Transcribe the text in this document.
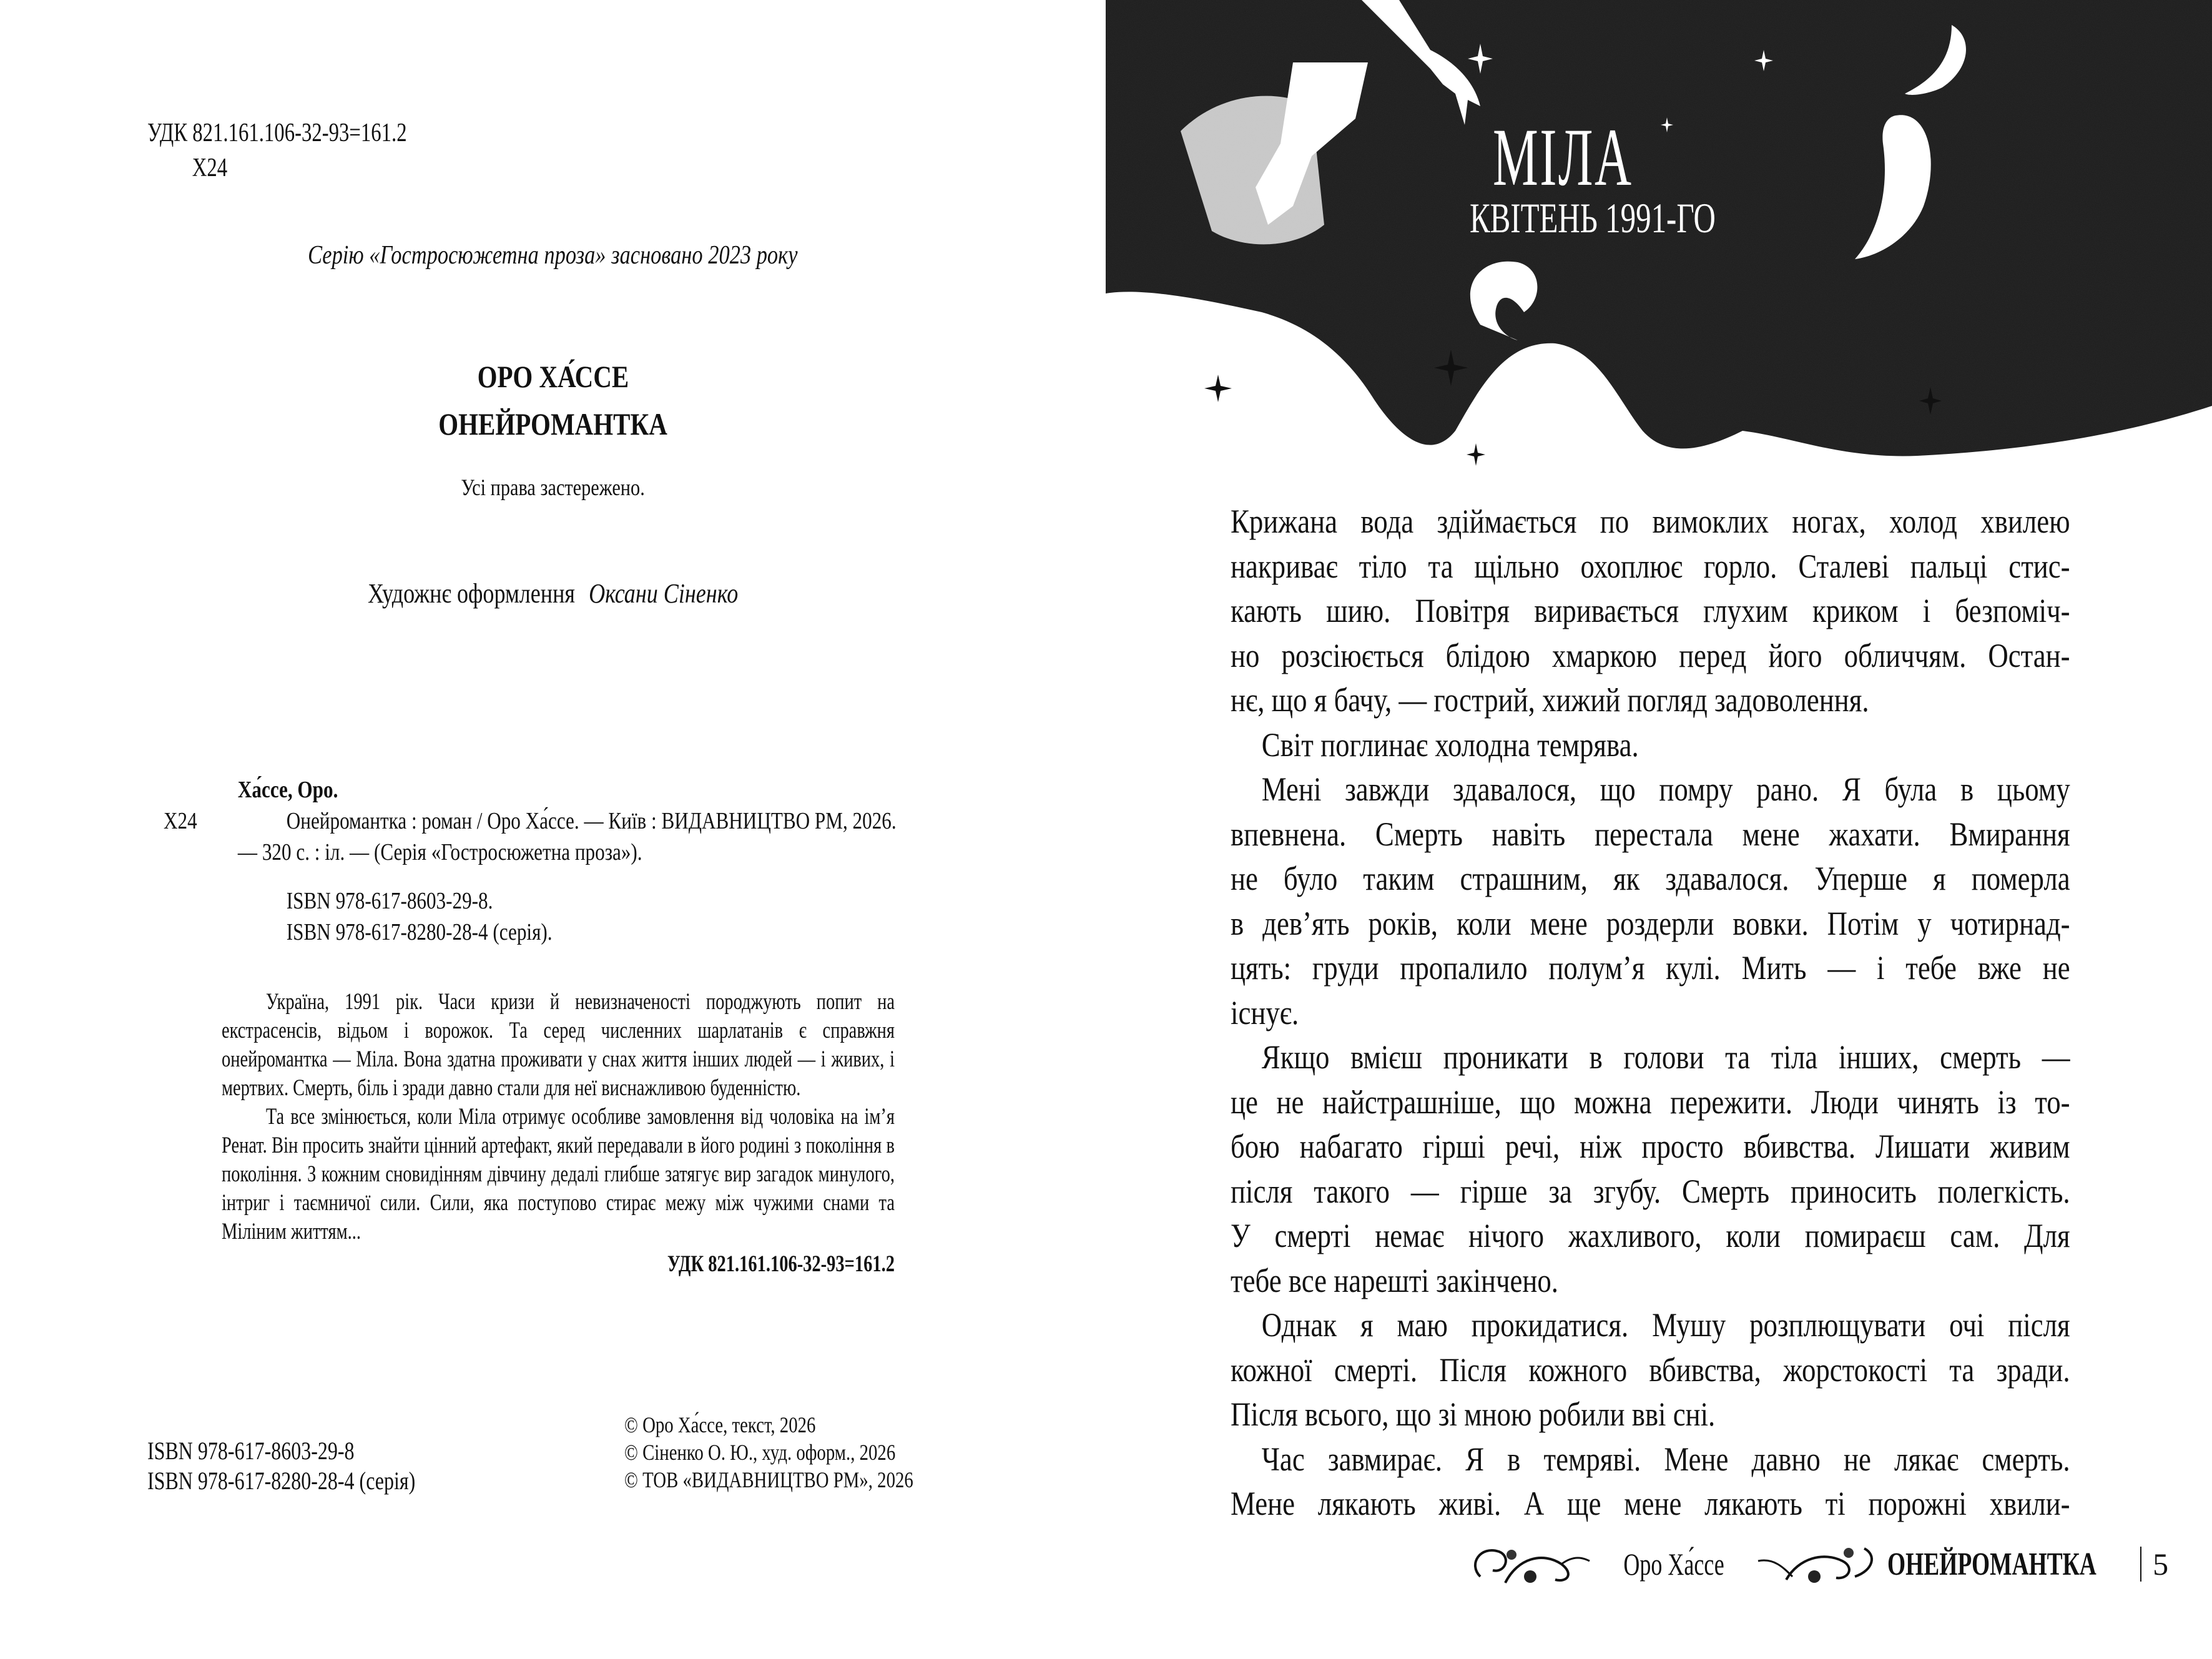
УДК 821.161.106-32-93=161.2
Х24
Серію «Гостросюжетна проза» засновано 2023 року
ОРО ХА́ССЕ
ОНЕЙРОМАНТКА
Усі права застережено.
Художнє оформлення Оксани Сіненко
Ха́ссе, Оро.
Х24	Онейромантка : роман / Оро Ха́ссе. — Київ : ВИДАВНИЦТВО РМ, 2026. — 320 с. : іл. — (Серія «Гостросюжетна проза»).
ISBN 978-617-8603-29-8.
ISBN 978-617-8280-28-4 (серія).

Україна, 1991 рік. Часи кризи й невизначеності породжують попит на екстрасенсів, відьом і ворожок. Та серед численних шарлатанів є справжня онейромантка — Міла. Вона здатна проживати у снах життя інших людей — і живих, і мертвих. Смерть, біль і зради давно стали для неї виснажливою буденністю.

Та все змінюється, коли Міла отримує особливе замовлення від чоловіка на ім’я Ренат. Він просить знайти цінний артефакт, який передавали в його родині з покоління в покоління. З кожним сновидінням дівчину дедалі глибше затягує вир загадок минулого, інтриг і таємничої сили. Сили, яка поступово стирає межу між чужими снами та Міліним життям...

УДК 821.161.106-32-93=161.2
ISBN 978-617-8603-29-8
ISBN 978-617-8280-28-4 (серія)
© Оро Ха́ссе, текст, 2026
© Сіненко О. Ю., худ. оформ., 2026
© ТОВ «ВИДАВНИЦТВО РМ», 2026
МІЛА
КВІТЕНЬ 1991-ГО
Крижана вода здіймається по вимоклих ногах, холод хвилею
накриває тіло та щільно охоплює горло. Сталеві пальці стис-
кають шию. Повітря виривається глухим криком і безпоміч-
но розсіюється блідою хмаркою перед його обличчям. Остан-
нє, що я бачу, — гострий, хижий погляд задоволення.
Світ поглинає холодна темрява.
Мені завжди здавалося, що помру рано. Я була в цьому
впевнена. Смерть навіть перестала мене жахати. Вмирання
не було таким страшним, як здавалося. Уперше я померла
в дев’ять років, коли мене роздерли вовки. Потім у чотирнад-
цять: груди пропалило полум’я кулі. Мить — і тебе вже не
існує.
Якщо вмієш проникати в голови та тіла інших, смерть —
це не найстрашніше, що можна пережити. Люди чинять із то-
бою набагато гірші речі, ніж просто вбивства. Лишати живим
після такого — гірше за згубу. Смерть приносить полегкість.
У смерті немає нічого жахливого, коли помираєш сам. Для
тебе все нарешті закінчено.
Однак я маю прокидатися. Мушу розплющувати очі після
кожної смерті. Після кожного вбивства, жорстокості та зради.
Після всього, що зі мною робили вві сні.
Час завмирає. Я в темряві. Мене давно не лякає смерть.
Мене лякають живі. А ще мене лякають ті порожні хвили-
Оро Ха́ссе	ОНЕЙРОМАНТКА	5
